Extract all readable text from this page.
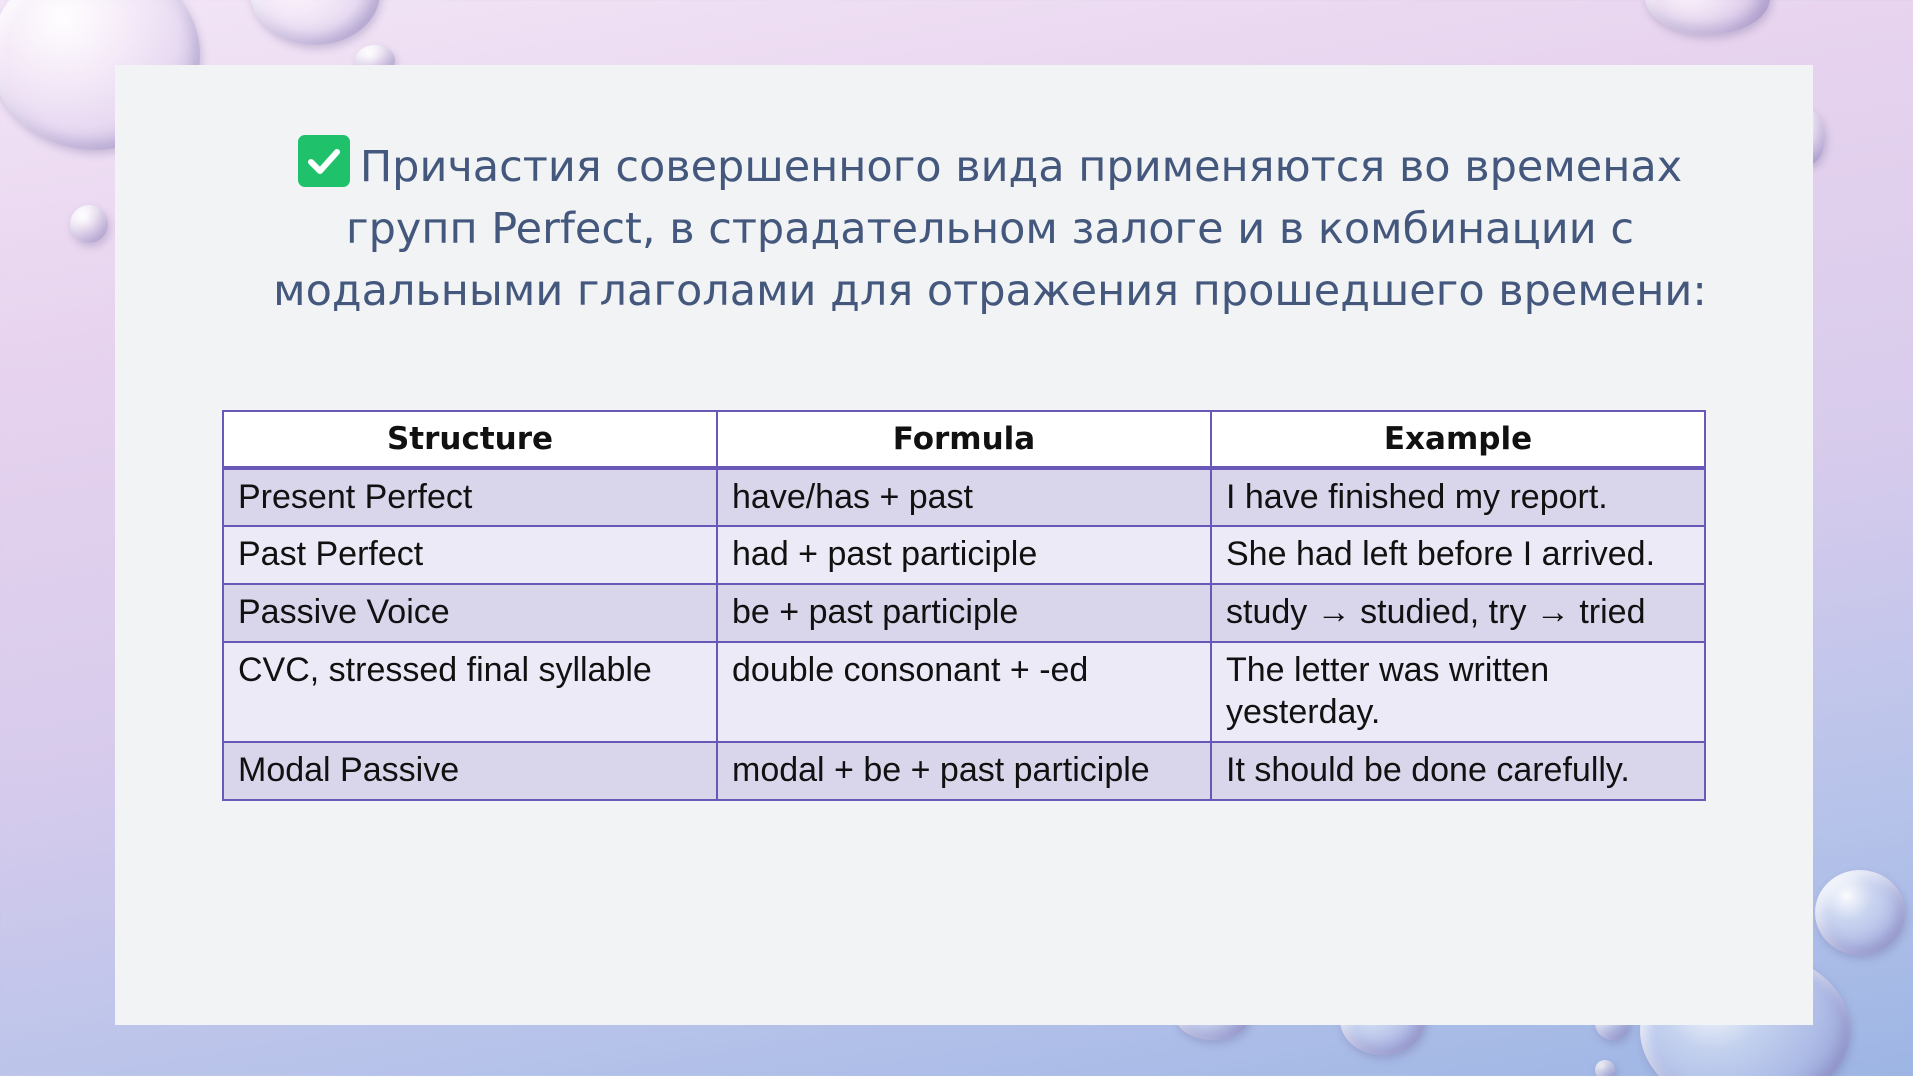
Причастия совершенного вида применяются во временах групп Perfect, в страдательном залоге и в комбинации с модальными глаголами для отражения прошедшего времени:
Structure	Formula	Example
Present Perfect	have/has + past	I have finished my report.
Past Perfect	had + past participle	She had left before I arrived.
Passive Voice	be + past participle	study → studied, try → tried
CVC, stressed final syllable	double consonant + -ed	The letter was written yesterday.
Modal Passive	modal + be + past participle	It should be done carefully.
